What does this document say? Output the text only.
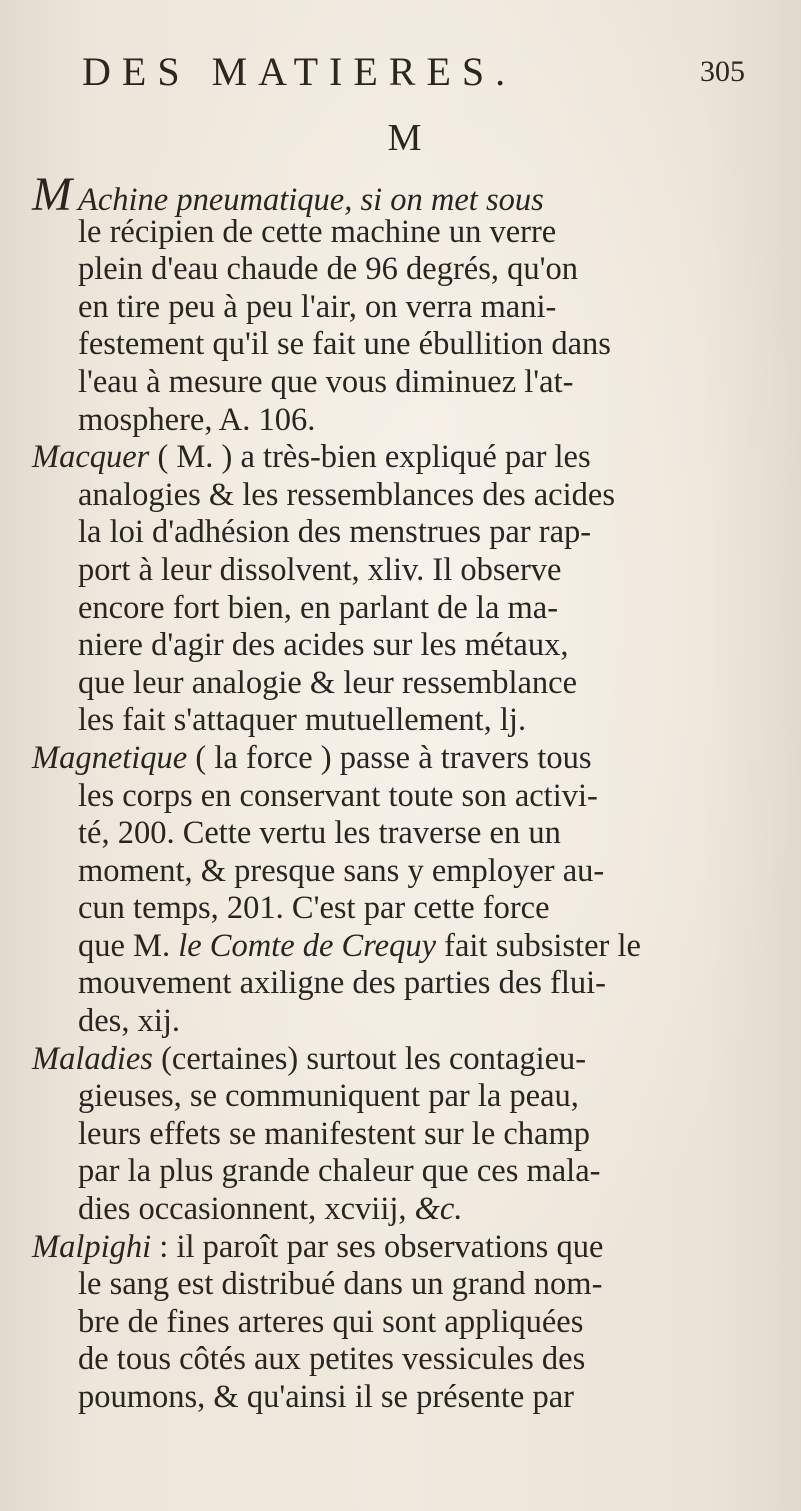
DES MATIERES.	305
M
M Achine pneumatique, si on met sous
le récipien de cette machine un verre
plein d'eau chaude de 96 degrés, qu'on
en tire peu à peu l'air, on verra mani-
festement qu'il se fait une ébullition dans
l'eau à mesure que vous diminuez l'at-
mosphere, A. 106.
Macquer ( M. ) a très-bien expliqué par les
analogies & les ressemblances des acides
la loi d'adhésion des menstrues par rap-
port à leur dissolvent, xliv. Il observe
encore fort bien, en parlant de la ma-
niere d'agir des acides sur les métaux,
que leur analogie & leur ressemblance
les fait s'attaquer mutuellement, lj.
Magnetique ( la force ) passe à travers tous
les corps en conservant toute son activi-
té, 200. Cette vertu les traverse en un
moment, & presque sans y employer au-
cun temps, 201. C'est par cette force
que M. le Comte de Crequy fait subsister le
mouvement axiligne des parties des flui-
des, xij.
Maladies (certaines) surtout les contagieu-
gieuses, se communiquent par la peau,
leurs effets se manifestent sur le champ
par la plus grande chaleur que ces mala-
dies occasionnent, xcviij, &c.
Malpighi : il paroît par ses observations que
le sang est distribué dans un grand nom-
bre de fines arteres qui sont appliquées
de tous côtés aux petites vessicules des
poumons, & qu'ainsi il se présente par
